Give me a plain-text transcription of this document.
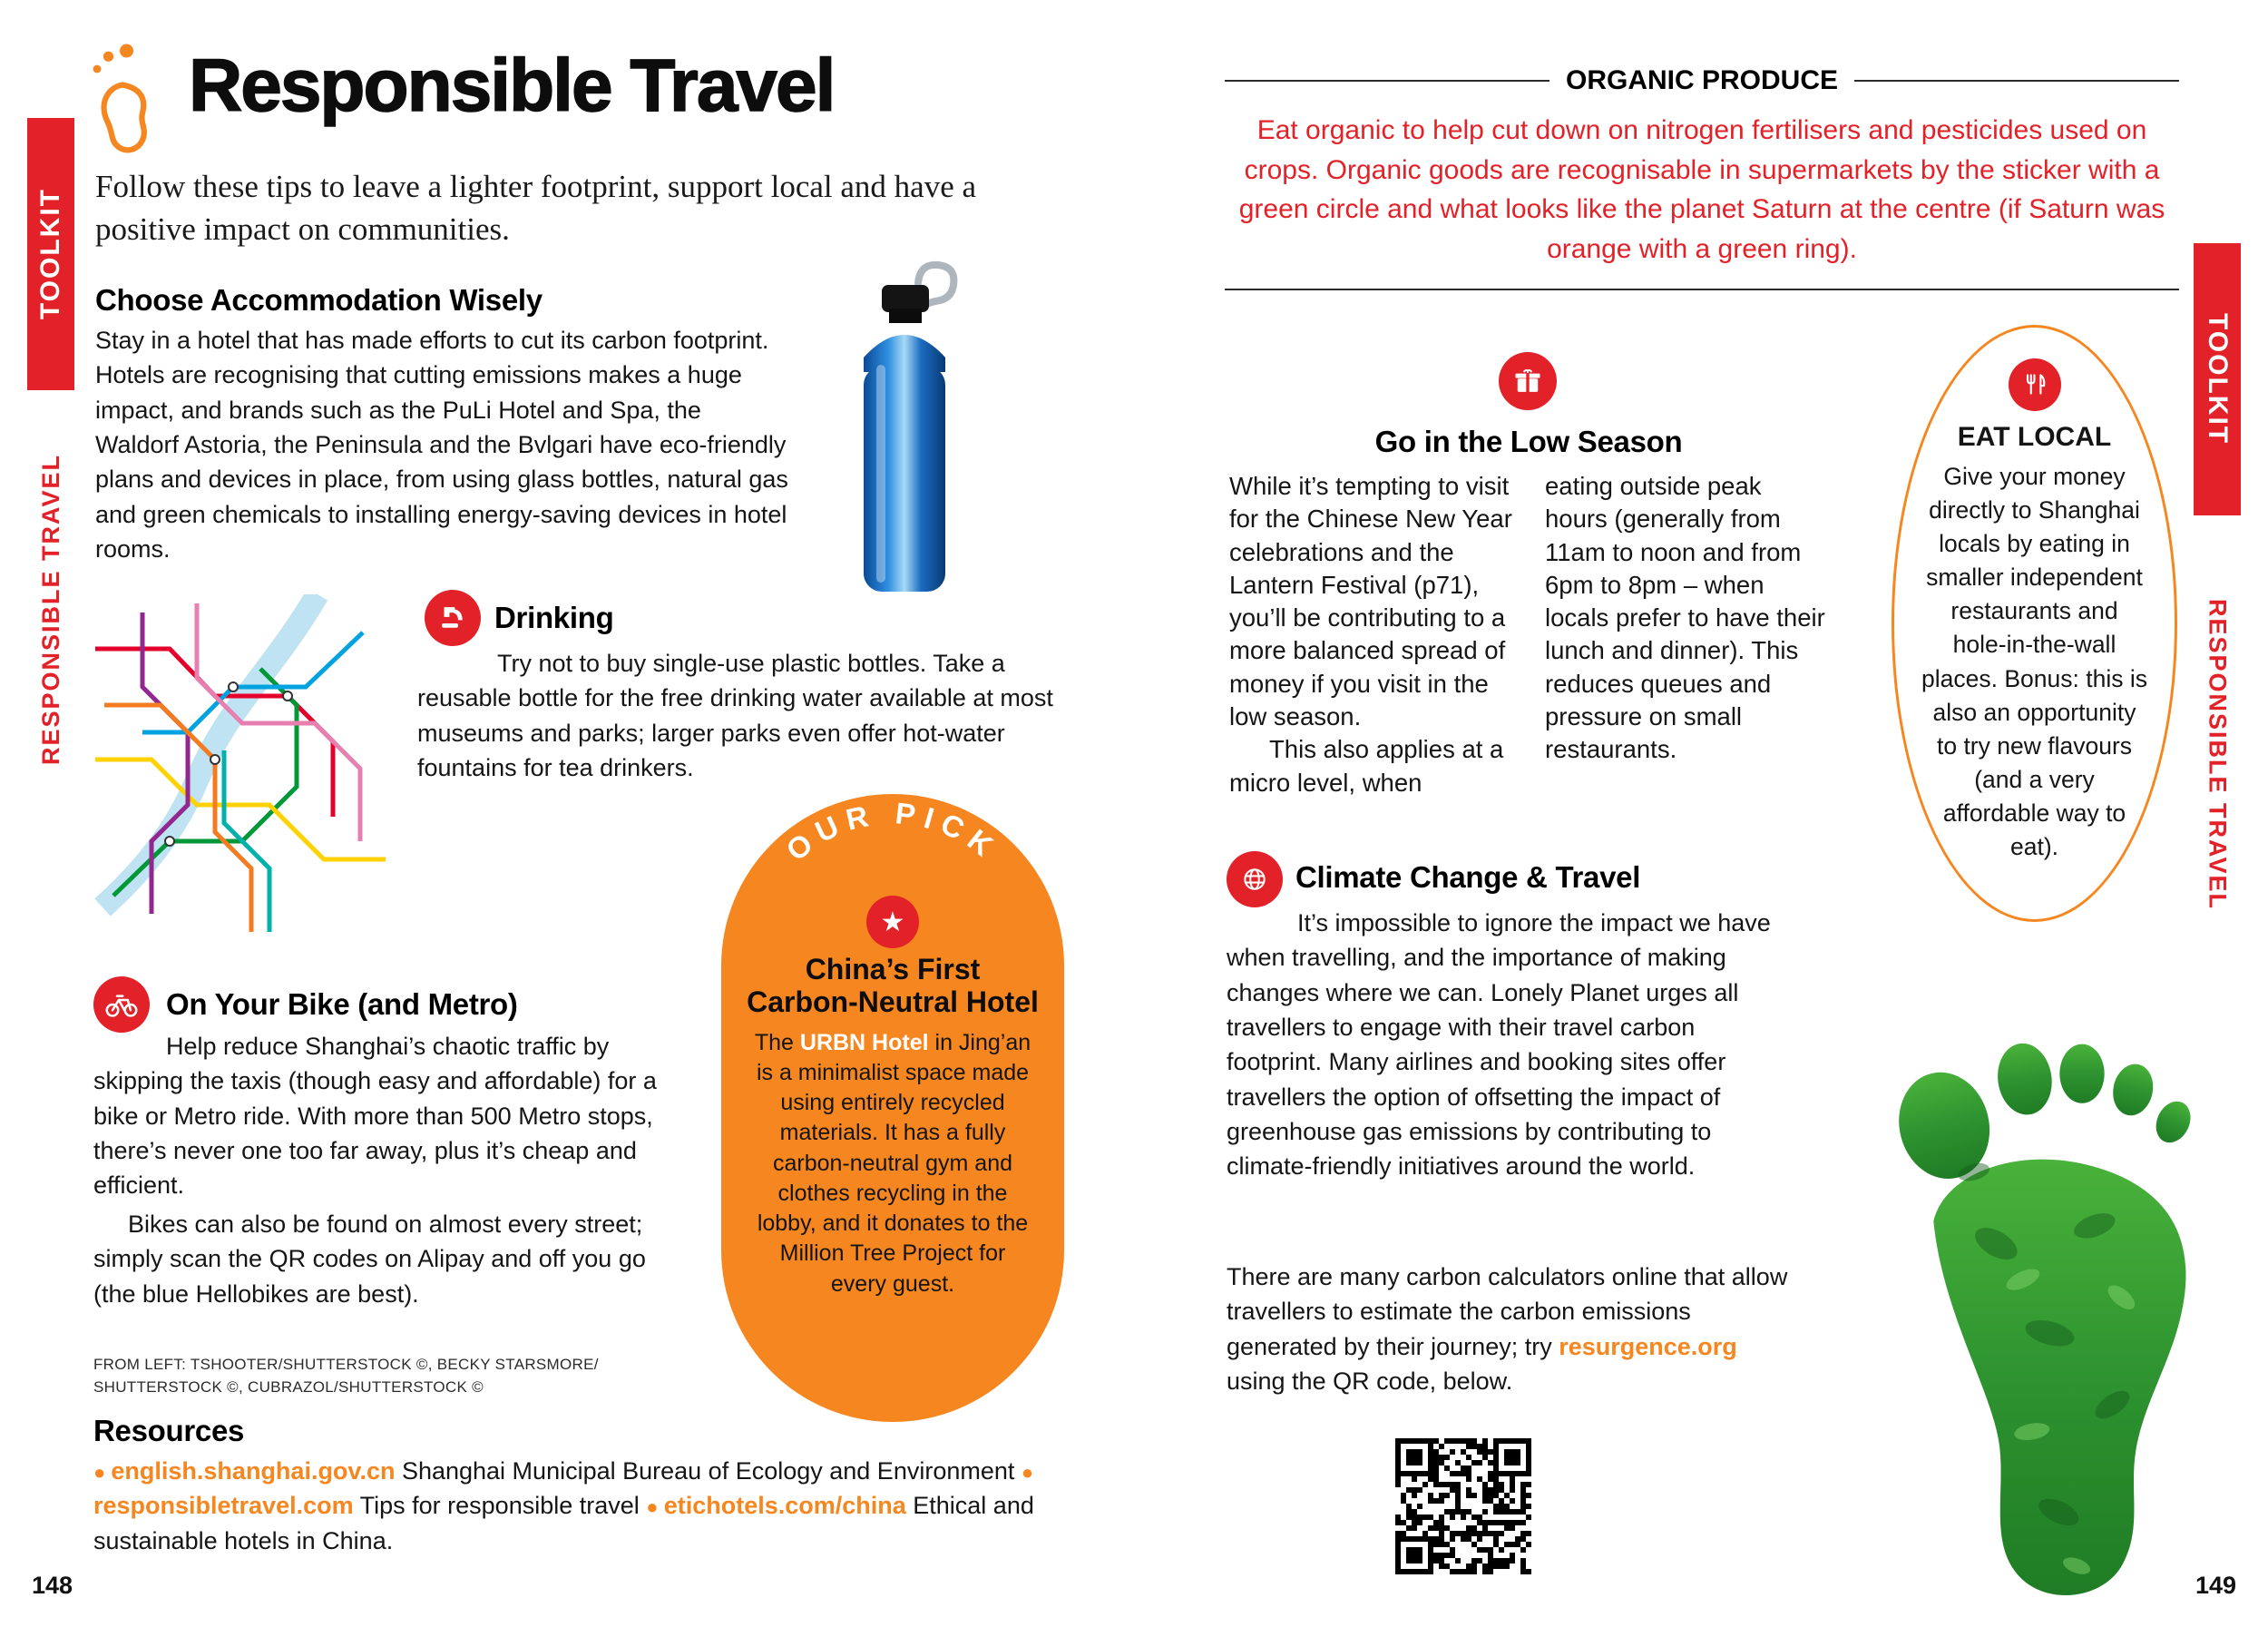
TOOLKIT
RESPONSIBLE TRAVEL
TOOLKIT
RESPONSIBLE TRAVEL
Responsible Travel
Follow these tips to leave a lighter footprint, support local and have a positive impact on communities.
Choose Accommodation Wisely

Stay in a hotel that has made efforts to cut its carbon footprint. Hotels are recognising that cutting emissions makes a huge impact, and brands such as the PuLi Hotel and Spa, the Waldorf Astoria, the Peninsula and the Bvlgari have eco-friendly plans and devices in place, from using glass bottles, natural gas and green chemicals to installing energy-saving devices in hotel rooms.

Drinking

Try not to buy single-use plastic bottles. Take a reusable bottle for the free drinking water available at most museums and parks; larger parks even offer hot-water fountains for tea drinkers.

OUR PICK
★
China’s First Carbon-Neutral Hotel
The URBN Hotel in Jing’an is a minimalist space made using entirely recycled materials. It has a fully carbon-neutral gym and clothes recycling in the lobby, and it donates to the Million Tree Project for every guest.
On Your Bike (and Metro)

Help reduce Shanghai’s chaotic traffic by skipping the taxis (though easy and affordable) for a bike or Metro ride. With more than 500 Metro stops, there’s never one too far away, plus it’s cheap and efficient.

Bikes can also be found on almost every street; simply scan the QR codes on Alipay and off you go (the blue Hellobikes are best).

FROM LEFT: TSHOOTER/SHUTTERSTOCK ©, BECKY STARSMORE/ SHUTTERSTOCK ©, CUBRAZOL/SHUTTERSTOCK ©
Resources

● english.shanghai.gov.cn Shanghai Municipal Bureau of Ecology and Environment ● responsibletravel.com Tips for responsible travel ● etichotels.com/china Ethical and sustainable hotels in China.

148
ORGANIC PRODUCE
Eat organic to help cut down on nitrogen fertilisers and pesticides used on crops. Organic goods are recognisable in supermarkets by the sticker with a green circle and what looks like the planet Saturn at the centre (if Saturn was orange with a green ring).
Go in the Low Season

While it’s tempting to visit for the Chinese New Year celebrations and the Lantern Festival (p71), you’ll be contributing to a more balanced spread of money if you visit in the low season.

This also applies at a micro level, when

eating outside peak hours (generally from 11am to noon and from 6pm to 8pm – when locals prefer to have their lunch and dinner). This reduces queues and pressure on small restaurants.

EAT LOCAL
Give your money directly to Shanghai locals by eating in smaller independent restaurants and hole-in-the-wall places. Bonus: this is also an opportunity to try new flavours (and a very affordable way to eat).
Climate Change & Travel

It’s impossible to ignore the impact we have when travelling, and the importance of making changes where we can. Lonely Planet urges all travellers to engage with their travel carbon footprint. Many airlines and booking sites offer travellers the option of offsetting the impact of greenhouse gas emissions by contributing to climate-friendly initiatives around the world.

There are many carbon calculators online that allow travellers to estimate the carbon emissions generated by their journey; try resurgence.org using the QR code, below.

149
